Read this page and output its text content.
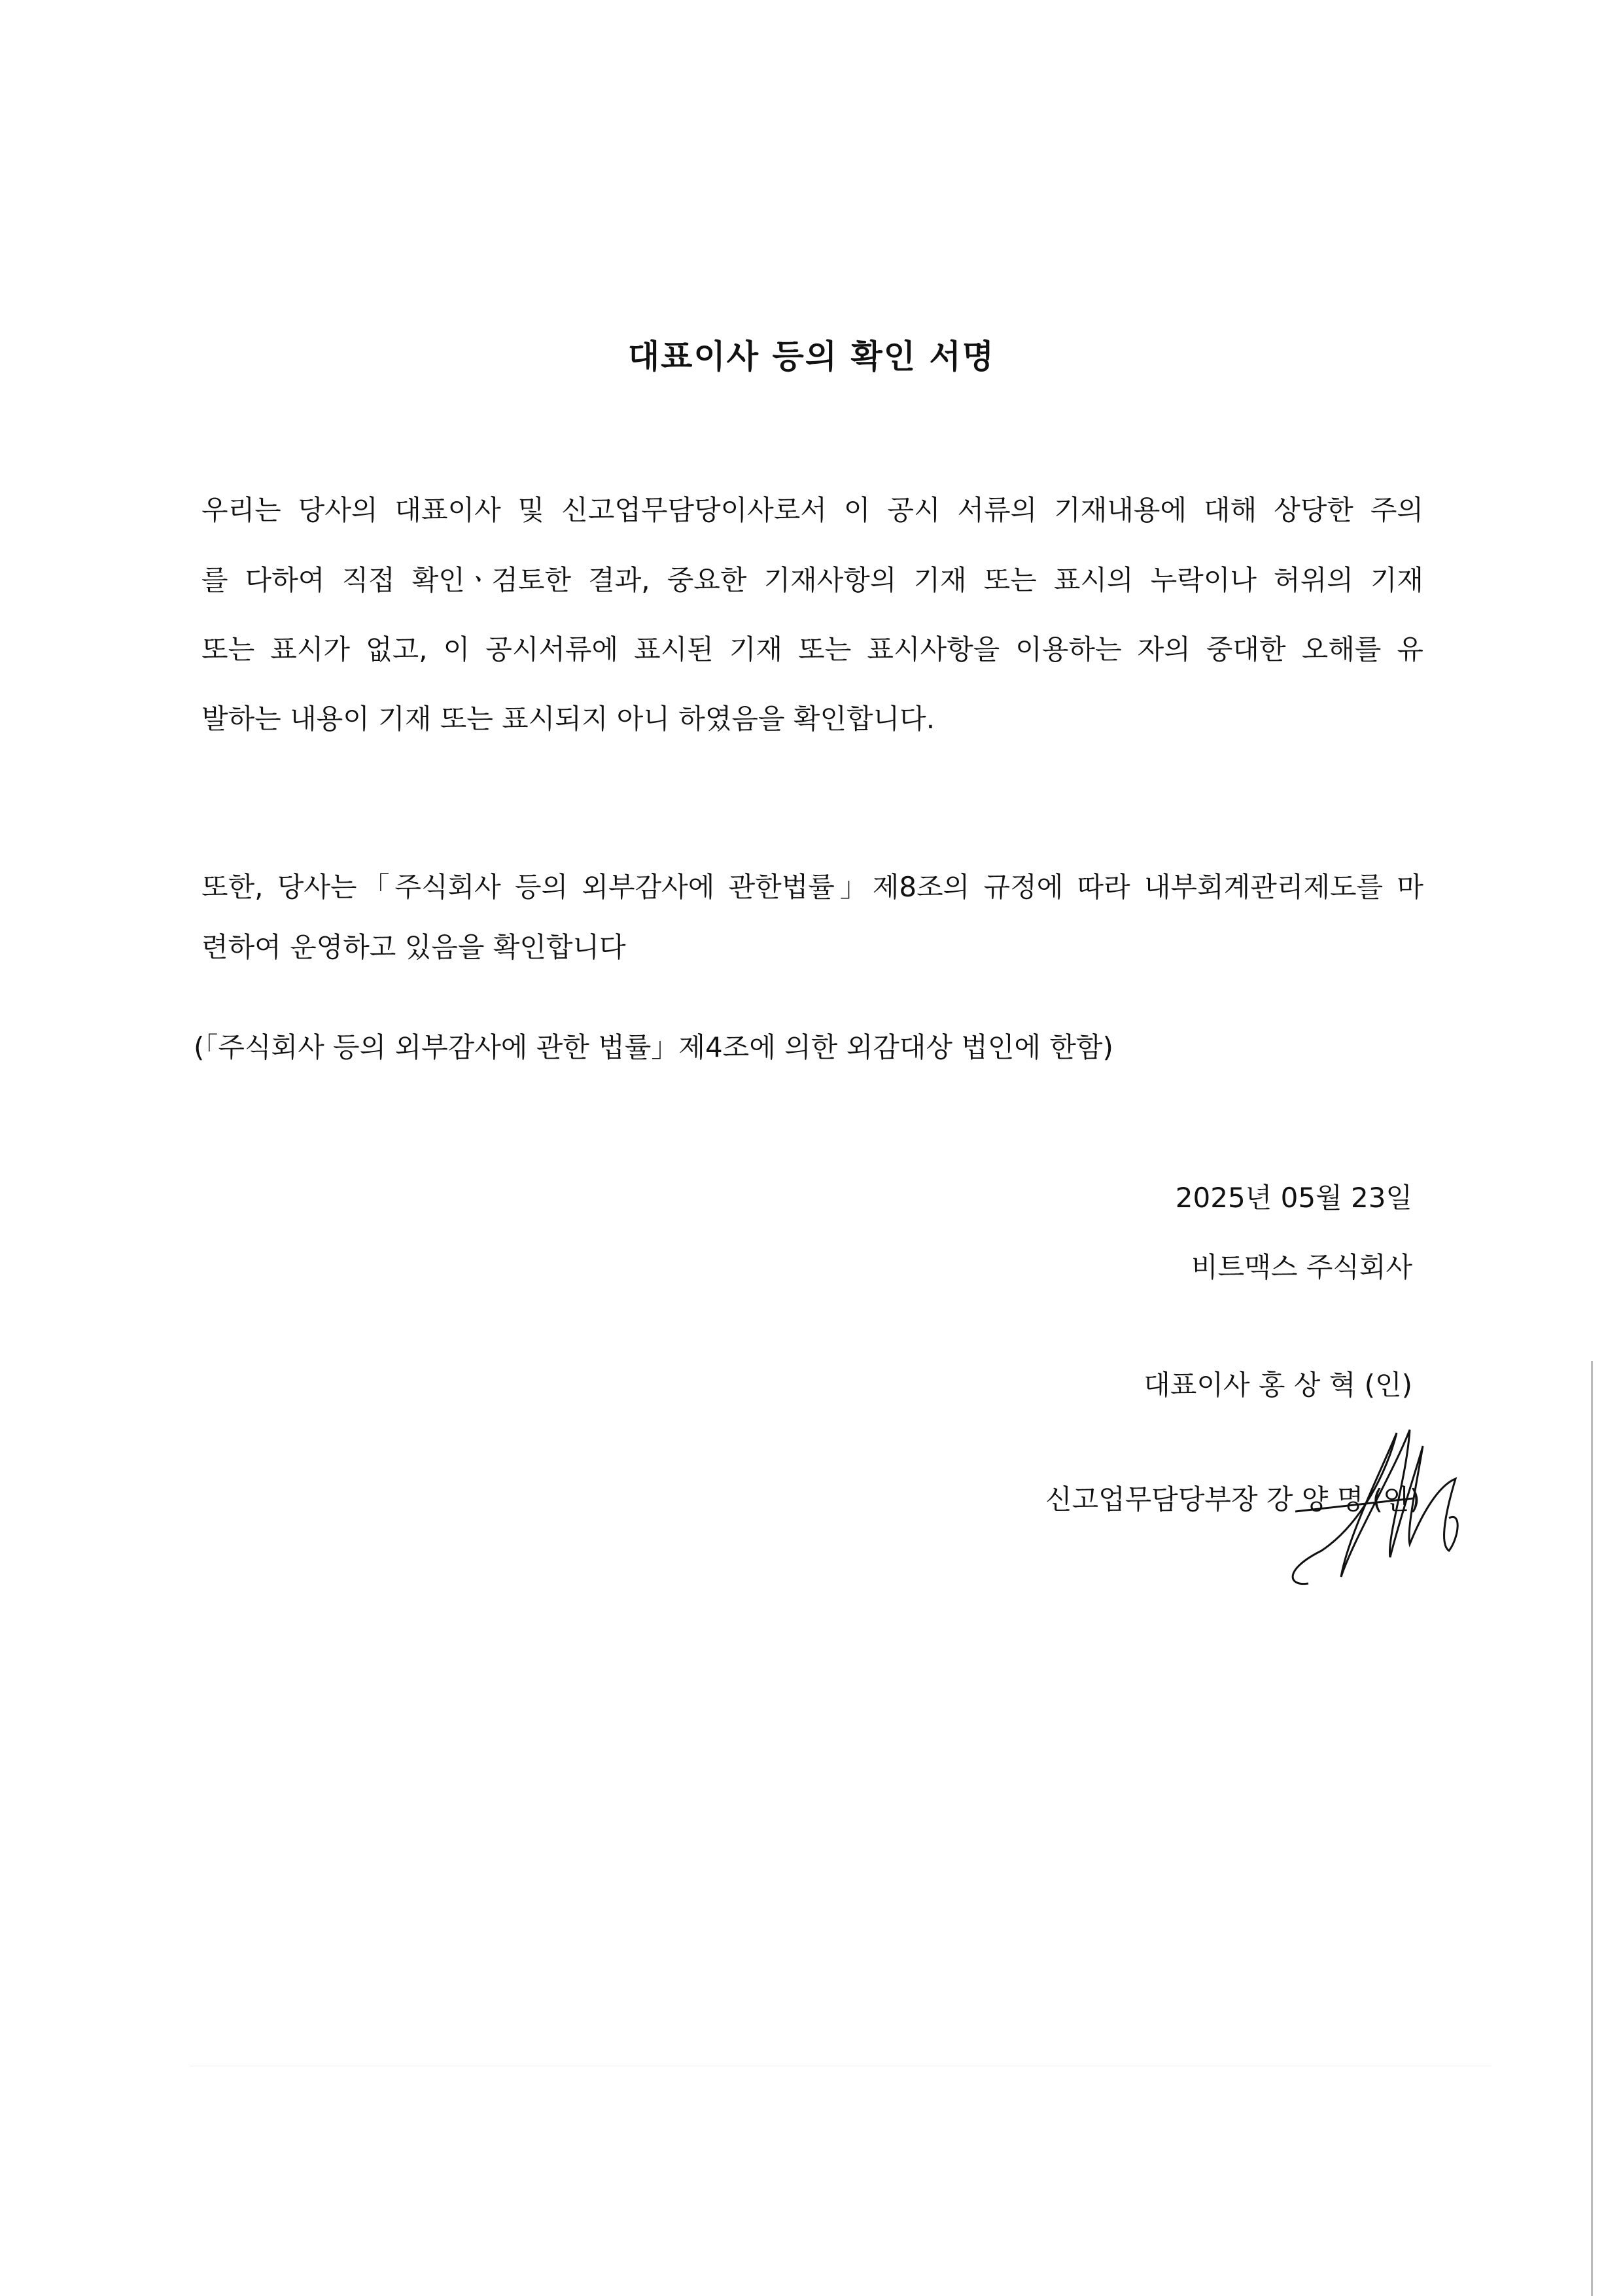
대표이사 등의 확인 서명
우리는 당사의 대표이사 및 신고업무담당이사로서 이 공시 서류의 기재내용에 대해 상당한 주의
를 다하여 직접 확인ㆍ검토한 결과, 중요한 기재사항의 기재 또는 표시의 누락이나 허위의 기재
또는 표시가 없고, 이 공시서류에 표시된 기재 또는 표시사항을 이용하는 자의 중대한 오해를 유
발하는 내용이 기재 또는 표시되지 아니 하였음을 확인합니다.
또한, 당사는「주식회사 등의 외부감사에 관한법률」제8조의 규정에 따라 내부회계관리제도를 마
련하여 운영하고 있음을 확인합니다
(「주식회사 등의 외부감사에 관한 법률」제4조에 의한 외감대상 법인에 한함)
2025년 05월 23일
비트맥스 주식회사
대표이사 홍 상 혁 (인)
신고업무담당부장 강 양 명 (인)
